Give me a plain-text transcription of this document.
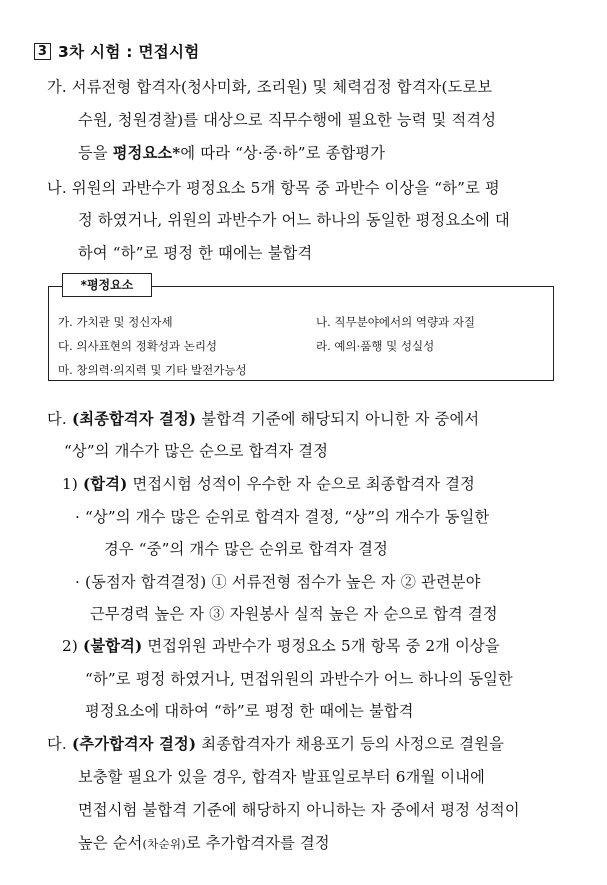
3 3차 시험 : 면접시험
가. 서류전형 합격자(청사미화, 조리원) 및 체력검정 합격자(도로보
수원, 청원경찰)를 대상으로 직무수행에 필요한 능력 및 적격성
등을 평정요소*에 따라 “상·중·하”로 종합평가
나. 위원의 과반수가 평정요소 5개 항목 중 과반수 이상을 “하”로 평
정 하였거나, 위원의 과반수가 어느 하나의 동일한 평정요소에 대
하여 “하”로 평정 한 때에는 불합격
*평정요소
가. 가치관 및 정신자세	나. 직무분야에서의 역량과 자질
다. 의사표현의 정확성과 논리성	라. 예의·품행 및 성실성
마. 창의력·의지력 및 기타 발전가능성
다. (최종합격자 결정) 불합격 기준에 해당되지 아니한 자 중에서
“상”의 개수가 많은 순으로 합격자 결정
1) (합격) 면접시험 성적이 우수한 자 순으로 최종합격자 결정
· “상”의 개수 많은 순위로 합격자 결정, “상”의 개수가 동일한
경우 “중”의 개수 많은 순위로 합격자 결정
· (동점자 합격결정) ① 서류전형 점수가 높은 자 ② 관련분야
근무경력 높은 자 ③ 자원봉사 실적 높은 자 순으로 합격 결정
2) (불합격) 면접위원 과반수가 평정요소 5개 항목 중 2개 이상을
“하”로 평정 하였거나, 면접위원의 과반수가 어느 하나의 동일한
평정요소에 대하여 “하”로 평정 한 때에는 불합격
다. (추가합격자 결정) 최종합격자가 채용포기 등의 사정으로 결원을
보충할 필요가 있을 경우, 합격자 발표일로부터 6개월 이내에
면접시험 불합격 기준에 해당하지 아니하는 자 중에서 평정 성적이
높은 순서(차순위)로 추가합격자를 결정
